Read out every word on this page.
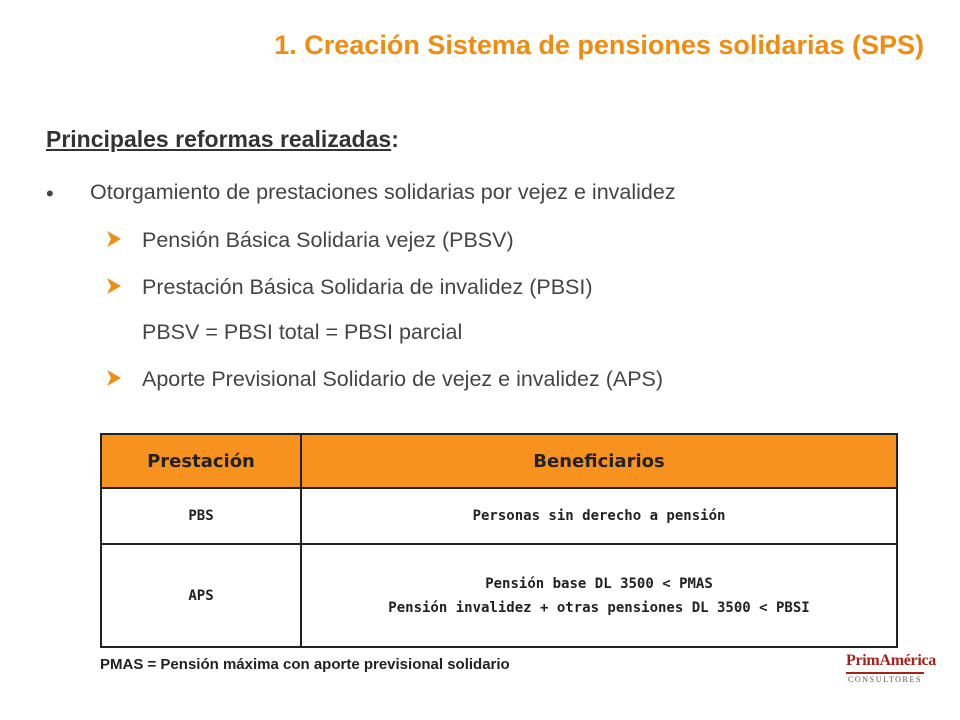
1. Creación Sistema de pensiones solidarias (SPS)
Principales reformas realizadas:
• Otorgamiento de prestaciones solidarias por vejez e invalidez
Pensión Básica Solidaria vejez (PBSV)
Prestación Básica Solidaria de invalidez (PBSI)
PBSV = PBSI total = PBSI parcial
Aporte Previsional Solidario de vejez e invalidez (APS)
Prestación	Beneficiarios
PBS	Personas sin derecho a pensión

APS	Pensión base DL 3500 < PMAS
Pensión invalidez + otras pensiones DL 3500 < PBSI
PMAS = Pensión máxima con aporte previsional solidario	PrimAmérica
CONSULTORES
